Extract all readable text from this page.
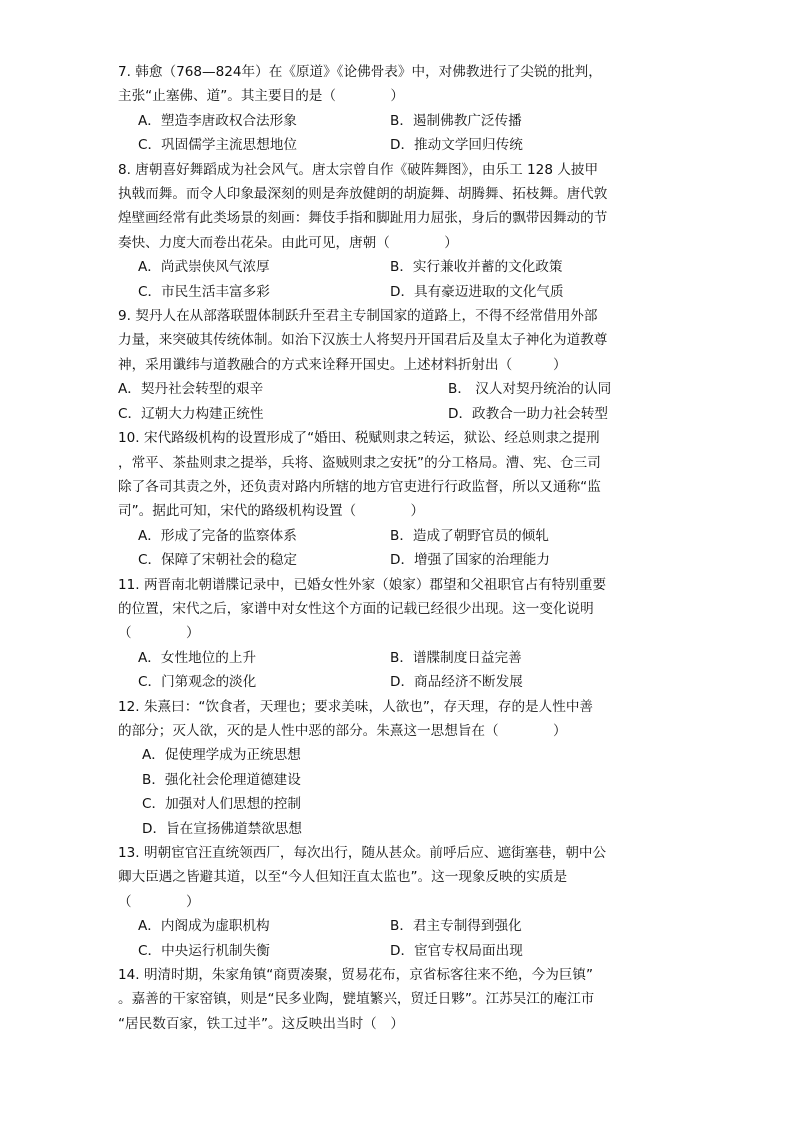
7. 韩愈（768—824年）在《原道》《论佛骨表》中，对佛教进行了尖锐的批判，

主张“止塞佛、道”。其主要目的是（　　　　）

A．塑造李唐政权合法形象	B．遏制佛教广泛传播
C．巩固儒学主流思想地位	D．推动文学回归传统

8. 唐朝喜好舞蹈成为社会风气。唐太宗曾自作《破阵舞图》，由乐工 128 人披甲

执戟而舞。而令人印象最深刻的则是奔放健朗的胡旋舞、胡腾舞、拓枝舞。唐代敦

煌壁画经常有此类场景的刻画：舞伎手指和脚趾用力屈张，身后的飘带因舞动的节

奏快、力度大而卷出花朵。由此可见，唐朝（　　　　）

A．尚武崇侠风气浓厚	B．实行兼收并蓄的文化政策
C．市民生活丰富多彩	D．具有豪迈进取的文化气质

9. 契丹人在从部落联盟体制跃升至君主专制国家的道路上，不得不经常借用外部

力量，来突破其传统体制。如治下汉族士人将契丹开国君后及皇太子神化为道教尊

神，采用谶纬与道教融合的方式来诠释开国史。上述材料折射出（　　　）

A．契丹社会转型的艰辛	B． 汉人对契丹统治的认同
C．辽朝大力构建正统性	D．政教合一助力社会转型

10. 宋代路级机构的设置形成了“婚田、税赋则隶之转运，狱讼、经总则隶之提刑

，常平、茶盐则隶之提举，兵将、盗贼则隶之安抚”的分工格局。漕、宪、仓三司

除了各司其责之外，还负责对路内所辖的地方官吏进行行政监督，所以又通称“监

司”。据此可知，宋代的路级机构设置（　　　　）

A．形成了完备的监察体系	B．造成了朝野官员的倾轧
C．保障了宋朝社会的稳定	D．增强了国家的治理能力

11. 两晋南北朝谱牒记录中，已婚女性外家（娘家）郡望和父祖职官占有特别重要

的位置，宋代之后，家谱中对女性这个方面的记载已经很少出现。这一变化说明

（　　　　）

A．女性地位的上升	B．谱牒制度日益完善
C．门第观念的淡化	D．商品经济不断发展

12. 朱熹曰：“饮食者，天理也；要求美味，人欲也”，存天理，存的是人性中善

的部分；灭人欲，灭的是人性中恶的部分。朱熹这一思想旨在（　　　　）

A．促使理学成为正统思想
B．强化社会伦理道德建设
C．加强对人们思想的控制
D．旨在宣扬佛道禁欲思想

13. 明朝宦官汪直统领西厂，每次出行，随从甚众。前呼后应、遮街塞巷，朝中公

卿大臣遇之皆避其道，以至“今人但知汪直太监也”。这一现象反映的实质是

（　　　　）

A．内阁成为虚职机构	B．君主专制得到强化
C．中央运行机制失衡	D．宦官专权局面出现

14. 明清时期，朱家角镇“商贾凑聚，贸易花布，京省标客往来不绝，今为巨镇”

。嘉善的干家窑镇，则是“民多业陶，甓埴繁兴，贸迁日夥”。江苏吴江的庵江市

“居民数百家，铁工过半”。这反映出当时（　）
